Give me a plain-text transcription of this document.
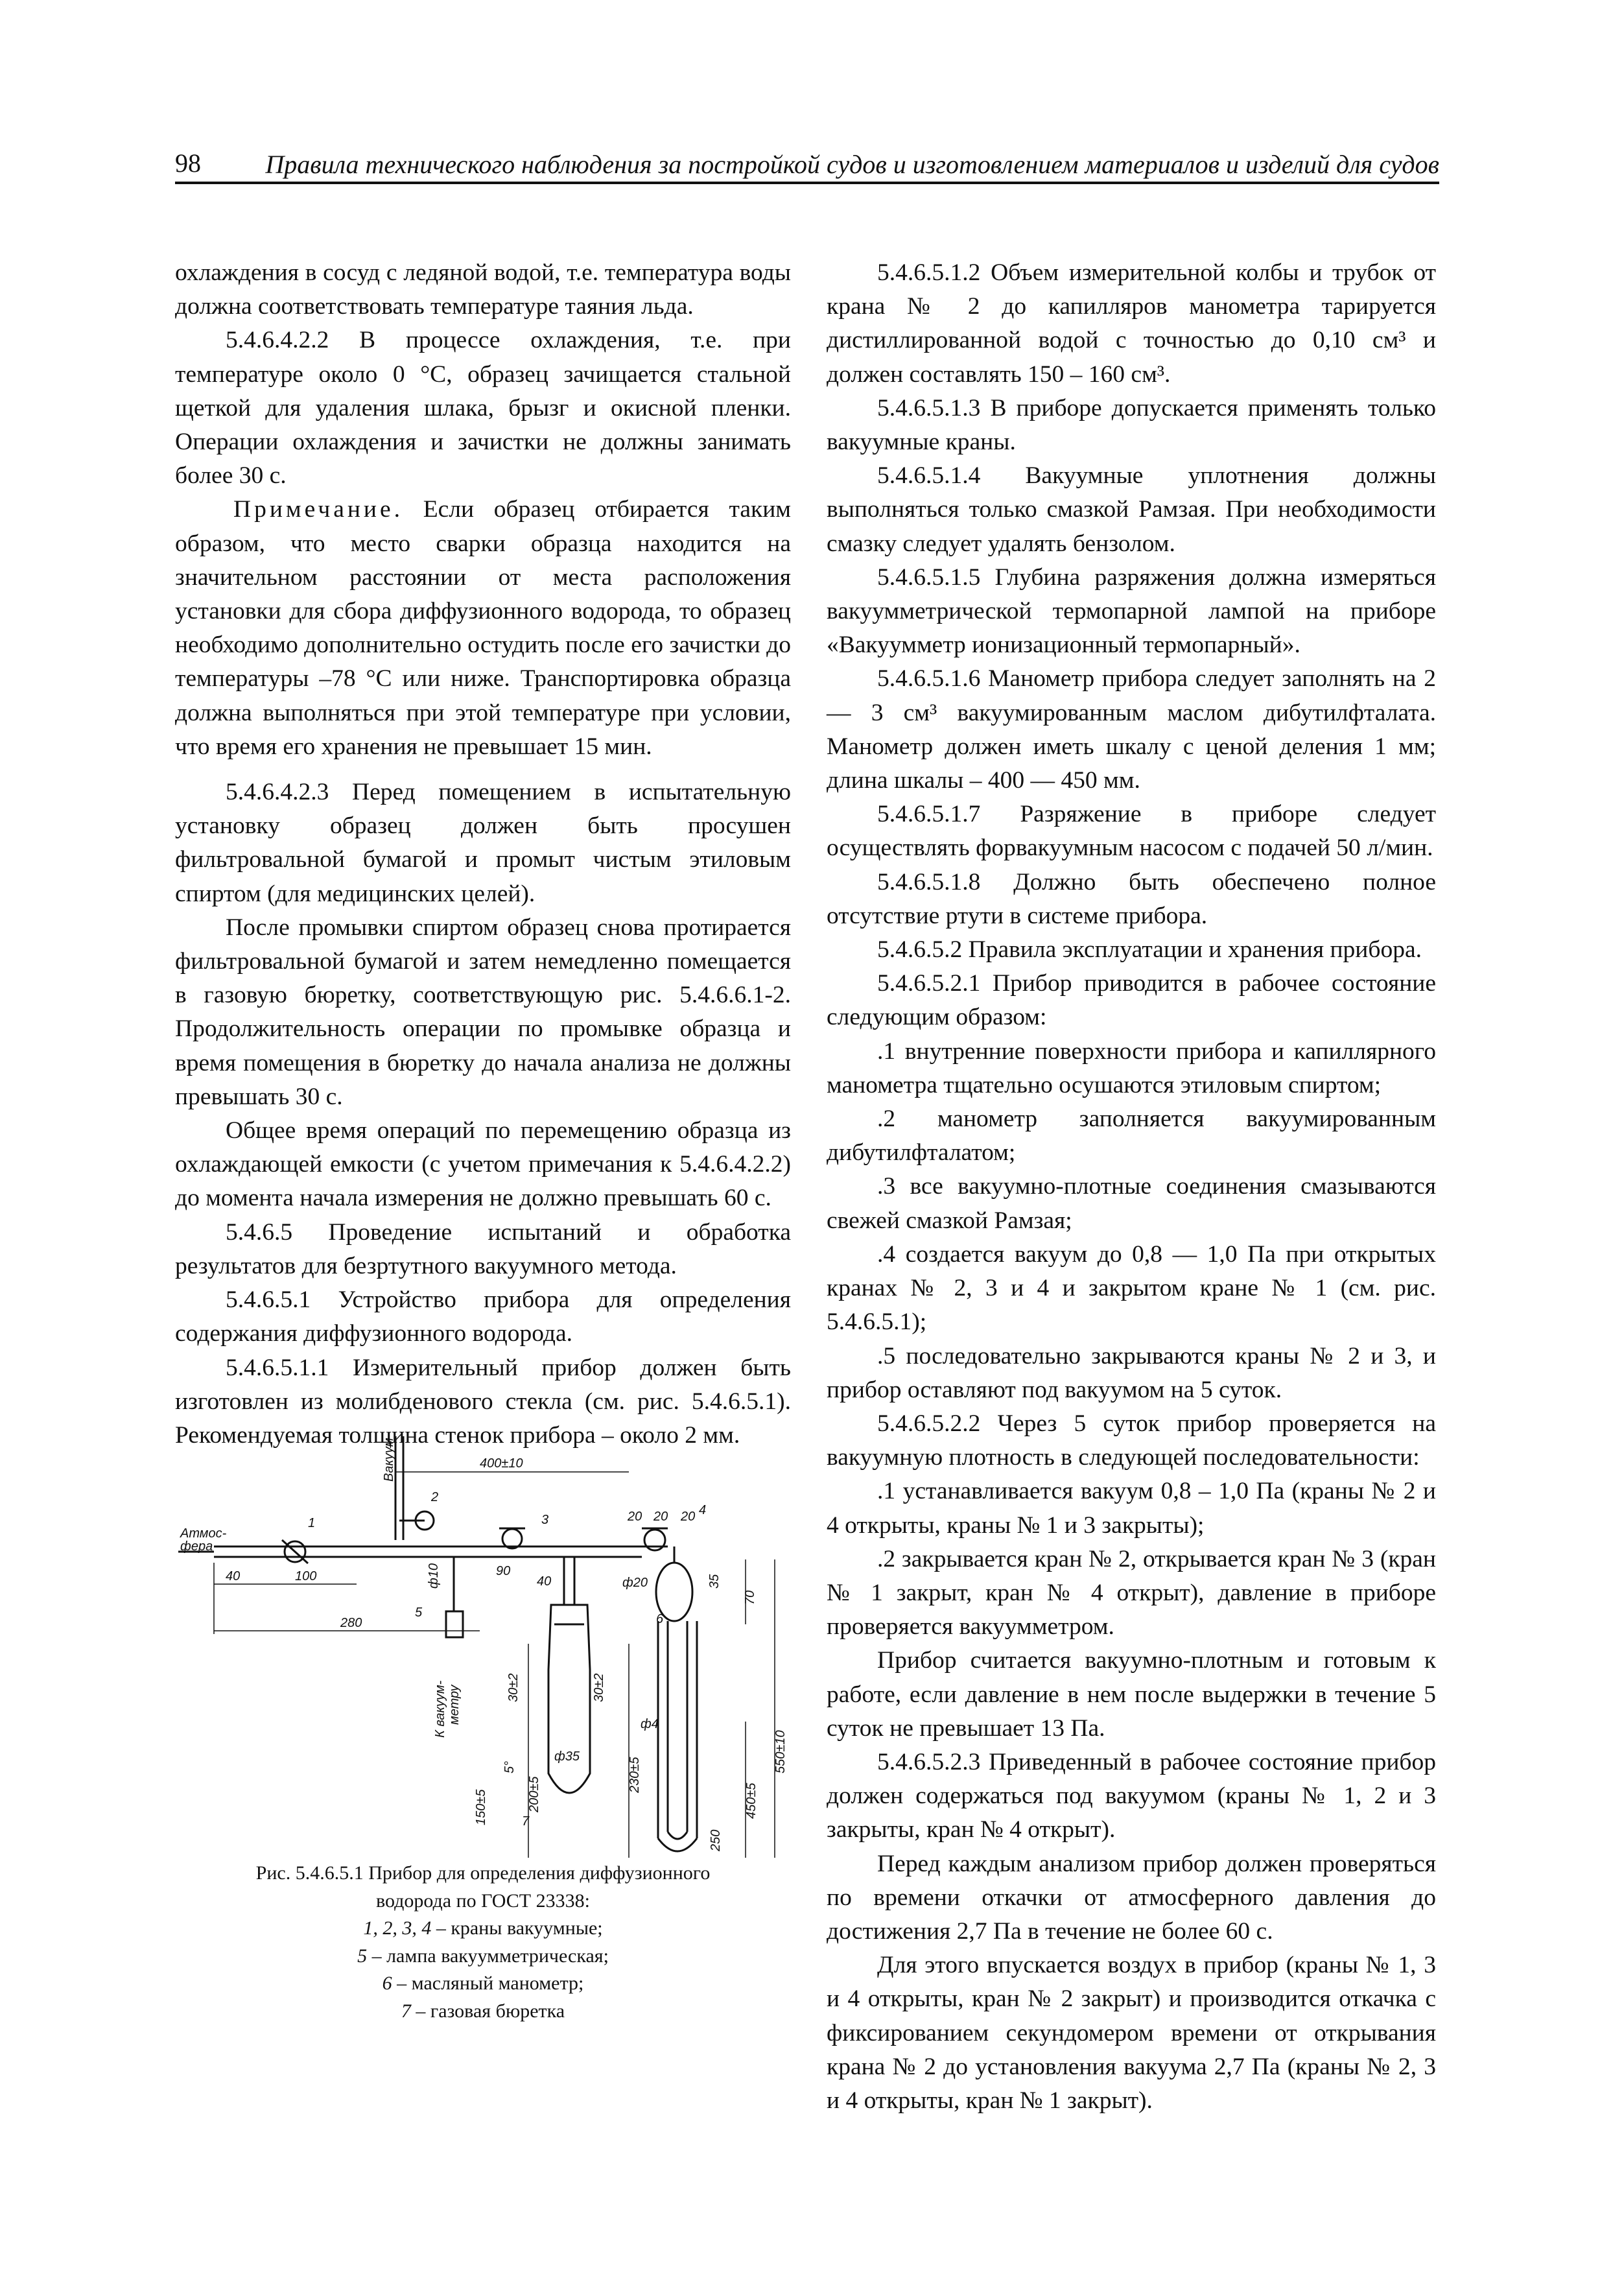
98 Правила технического наблюдения за постройкой судов и изготовлением материалов и изделий для судов

охлаждения в сосуд с ледяной водой, т.е. температура воды должна соответствовать температуре таяния льда.

5.4.6.4.2.2 В процессе охлаждения, т.е. при температуре около 0 °С, образец зачищается стальной щеткой для удаления шлака, брызг и окисной пленки. Операции охлаждения и зачистки не должны занимать более 30 с.

Примечание. Если образец отбирается таким образом, что место сварки образца находится на значительном расстоянии от места расположения установки для сбора диффузионного водорода, то образец необходимо дополнительно остудить после его зачистки до температуры –78 °С или ниже. Транспортировка образца должна выполняться при этой температуре при условии, что время его хранения не превышает 15 мин.

5.4.6.4.2.3 Перед помещением в испытательную установку образец должен быть просушен фильтровальной бумагой и промыт чистым этиловым спиртом (для медицинских целей).

После промывки спиртом образец снова протирается фильтровальной бумагой и затем немедленно помещается в газовую бюретку, соответствующую рис. 5.4.6.6.1-2. Продолжительность операции по промывке образца и время помещения в бюретку до начала анализа не должны превышать 30 с.

Общее время операций по перемещению образца из охлаждающей емкости (с учетом примечания к 5.4.6.4.2.2) до момента начала измерения не должно превышать 60 с.

5.4.6.5 Проведение испытаний и обработка результатов для безртутного вакуумного метода.

5.4.6.5.1 Устройство прибора для определения содержания диффузионного водорода.

5.4.6.5.1.1 Измерительный прибор должен быть изготовлен из молибденового стекла (см. рис. 5.4.6.5.1). Рекомендуемая толщина стенок прибора – около 2 мм.

Атмос-
фера
Вакуум
К вакуум- метру
400±10
40	100
280
90
40
20 20 20
ф10	ф20	35
70
30±2	30±2
150±5	200±5
230±5
ф35
ф4
550±10
450±5
250
5°
1
2
3
4
5	6
7
Рис. 5.4.6.5.1 Прибор для определения диффузионного
водорода по ГОСТ 23338:
1, 2, 3, 4 – краны вакуумные;
5 – лампа вакуумметрическая;
6 – масляный манометр;
7 – газовая бюретка

5.4.6.5.1.2 Объем измерительной колбы и трубок от крана № 2 до капилляров манометра тарируется дистиллированной водой с точностью до 0,10 см³ и должен составлять 150 – 160 см³.

5.4.6.5.1.3 В приборе допускается применять только вакуумные краны.

5.4.6.5.1.4 Вакуумные уплотнения должны выполняться только смазкой Рамзая. При необходимости смазку следует удалять бензолом.

5.4.6.5.1.5 Глубина разряжения должна измеряться вакуумметрической термопарной лампой на приборе «Вакуумметр ионизационный термопарный».

5.4.6.5.1.6 Манометр прибора следует заполнять на 2 — 3 см³ вакуумированным маслом дибутилфталата. Манометр должен иметь шкалу с ценой деления 1 мм; длина шкалы – 400 — 450 мм.

5.4.6.5.1.7 Разряжение в приборе следует осуществлять форвакуумным насосом с подачей 50 л/мин.

5.4.6.5.1.8 Должно быть обеспечено полное отсутствие ртути в системе прибора.

5.4.6.5.2 Правила эксплуатации и хранения прибора.

5.4.6.5.2.1 Прибор приводится в рабочее состояние следующим образом:

.1 внутренние поверхности прибора и капиллярного манометра тщательно осушаются этиловым спиртом;

.2 манометр заполняется вакуумированным дибутилфталатом;

.3 все вакуумно-плотные соединения смазываются свежей смазкой Рамзая;

.4 создается вакуум до 0,8 — 1,0 Па при открытых кранах № 2, 3 и 4 и закрытом кране № 1 (см. рис. 5.4.6.5.1);

.5 последовательно закрываются краны № 2 и 3, и прибор оставляют под вакуумом на 5 суток.

5.4.6.5.2.2 Через 5 суток прибор проверяется на вакуумную плотность в следующей последовательности:

.1 устанавливается вакуум 0,8 – 1,0 Па (краны № 2 и 4 открыты, краны № 1 и 3 закрыты);

.2 закрывается кран № 2, открывается кран № 3 (кран № 1 закрыт, кран № 4 открыт), давление в приборе проверяется вакуумметром.

Прибор считается вакуумно-плотным и готовым к работе, если давление в нем после выдержки в течение 5 суток не превышает 13 Па.

5.4.6.5.2.3 Приведенный в рабочее состояние прибор должен содержаться под вакуумом (краны № 1, 2 и 3 закрыты, кран № 4 открыт).

Перед каждым анализом прибор должен проверяться по времени откачки от атмосферного давления до достижения 2,7 Па в течение не более 60 с.

Для этого впускается воздух в прибор (краны № 1, 3 и 4 открыты, кран № 2 закрыт) и производится откачка с фиксированием секундомером времени от открывания крана № 2 до установления вакуума 2,7 Па (краны № 2, 3 и 4 открыты, кран № 1 закрыт).
